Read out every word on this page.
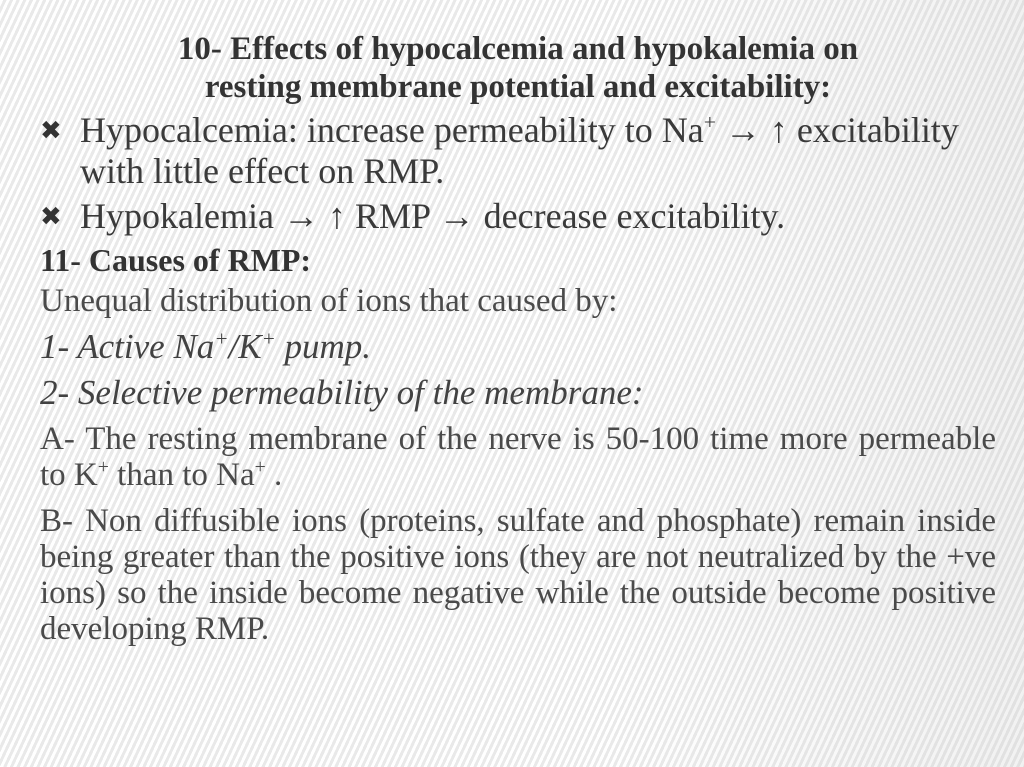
10- Effects of hypocalcemia and hypokalemia on
resting membrane potential and excitability:
✖ Hypocalcemia: increase permeability to Na+ → ↑ excitability with little effect on RMP.
✖ Hypokalemia → ↑ RMP → decrease excitability.
11- Causes of RMP:
Unequal distribution of ions that caused by:
1- Active Na+/K+ pump.
2- Selective permeability of the membrane:
A- The resting membrane of the nerve is 50-100 time more permeable to K+ than to Na+ .
B- Non diffusible ions (proteins, sulfate and phosphate) remain inside being greater than the positive ions (they are not neutralized by the +ve ions) so the inside become negative while the outside become positive developing RMP.
